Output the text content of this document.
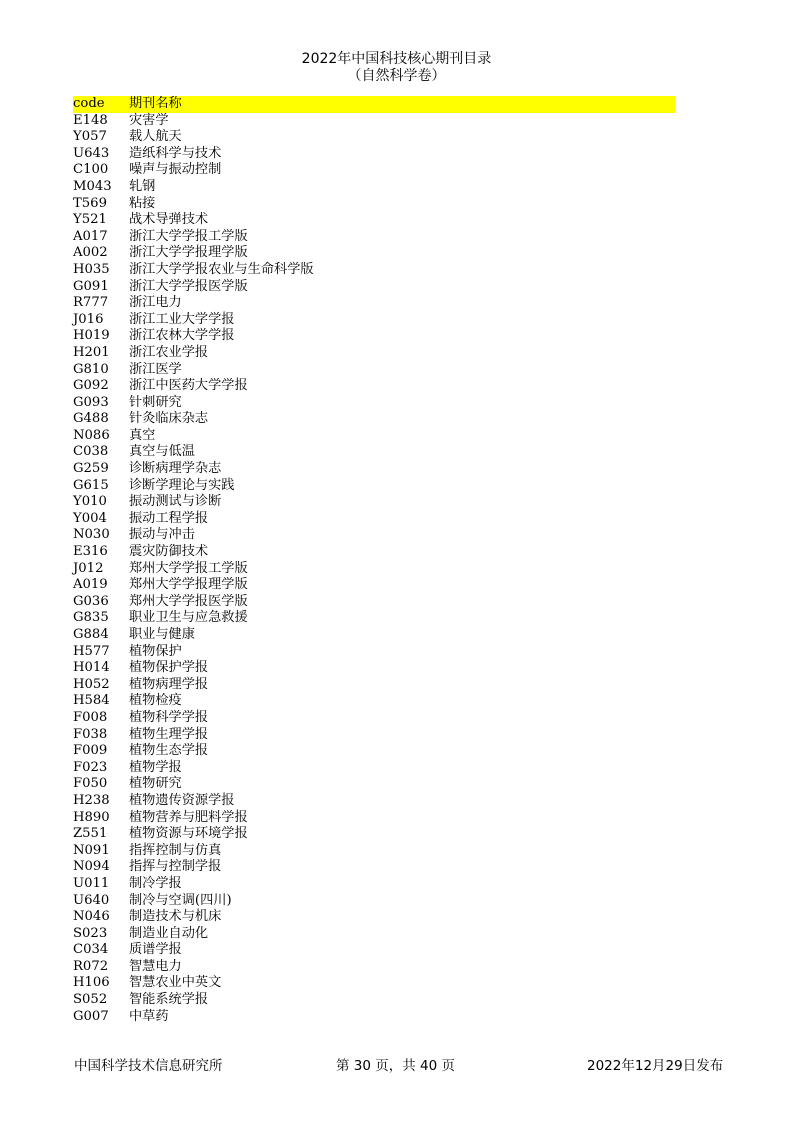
2022年中国科技核心期刊目录
（自然科学卷）
code	期刊名称
E148	灾害学
Y057	载人航天
U643	造纸科学与技术
C100	噪声与振动控制
M043	轧钢
T569	粘接
Y521	战术导弹技术
A017	浙江大学学报工学版
A002	浙江大学学报理学版
H035	浙江大学学报农业与生命科学版
G091	浙江大学学报医学版
R777	浙江电力
J016	浙江工业大学学报
H019	浙江农林大学学报
H201	浙江农业学报
G810	浙江医学
G092	浙江中医药大学学报
G093	针刺研究
G488	针灸临床杂志
N086	真空
C038	真空与低温
G259	诊断病理学杂志
G615	诊断学理论与实践
Y010	振动测试与诊断
Y004	振动工程学报
N030	振动与冲击
E316	震灾防御技术
J012	郑州大学学报工学版
A019	郑州大学学报理学版
G036	郑州大学学报医学版
G835	职业卫生与应急救援
G884	职业与健康
H577	植物保护
H014	植物保护学报
H052	植物病理学报
H584	植物检疫
F008	植物科学学报
F038	植物生理学报
F009	植物生态学报
F023	植物学报
F050	植物研究
H238	植物遗传资源学报
H890	植物营养与肥料学报
Z551	植物资源与环境学报
N091	指挥控制与仿真
N094	指挥与控制学报
U011	制冷学报
U640	制冷与空调(四川)
N046	制造技术与机床
S023	制造业自动化
C034	质谱学报
R072	智慧电力
H106	智慧农业中英文
S052	智能系统学报
G007	中草药
中国科学技术信息研究所	第 30 页，共 40 页	2022年12月29日发布
